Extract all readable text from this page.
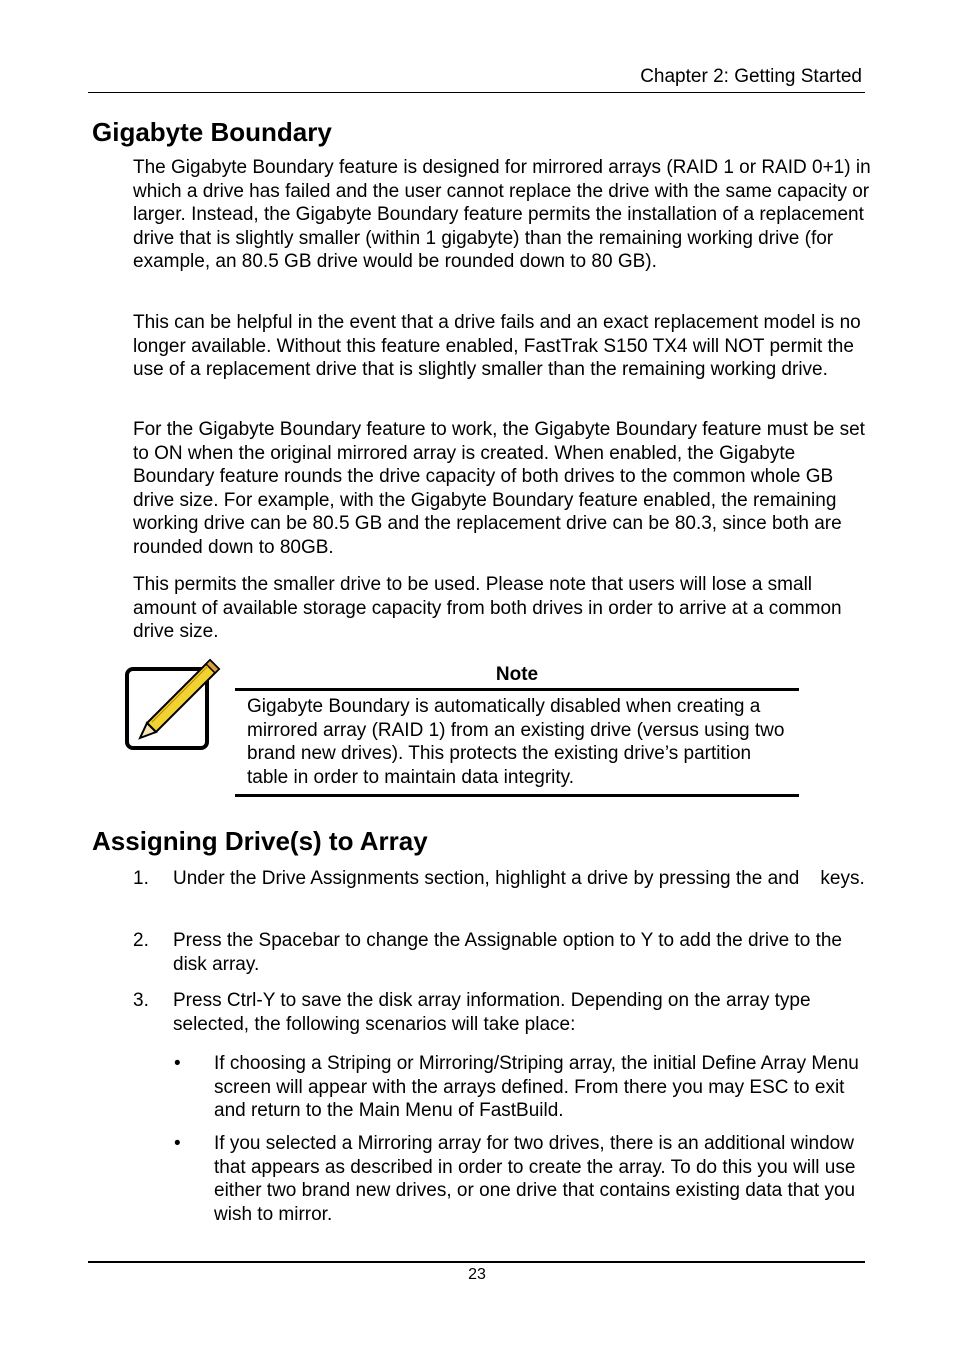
Chapter 2: Getting Started
Gigabyte Boundary

The Gigabyte Boundary feature is designed for mirrored arrays (RAID 1 or RAID 0+1) in which a drive has failed and the user cannot replace the drive with the same capacity or larger. Instead, the Gigabyte Boundary feature permits the installation of a replacement drive that is slightly smaller (within 1 gigabyte) than the remaining working drive (for example, an 80.5 GB drive would be rounded down to 80 GB).

This can be helpful in the event that a drive fails and an exact replacement model is no longer available. Without this feature enabled, FastTrak S150 TX4 will NOT permit the use of a replacement drive that is slightly smaller than the remaining working drive.

For the Gigabyte Boundary feature to work, the Gigabyte Boundary feature must be set to ON when the original mirrored array is created. When enabled, the Gigabyte Boundary feature rounds the drive capacity of both drives to the common whole GB drive size. For example, with the Gigabyte Boundary feature enabled, the remaining working drive can be 80.5 GB and the replacement drive can be 80.3, since both are rounded down to 80GB.

This permits the smaller drive to be used. Please note that users will lose a small amount of available storage capacity from both drives in order to arrive at a common drive size.

Note

Gigabyte Boundary is automatically disabled when creating a mirrored array (RAID 1) from an existing drive (versus using two brand new drives). This protects the existing drive’s partition table in order to maintain data integrity.

Assigning Drive(s) to Array
1. Under the Drive Assignments section, highlight a drive by pressing the and    keys.

2. Press the Spacebar to change the Assignable option to Y to add the drive to the disk array.

3. Press Ctrl-Y to save the disk array information. Depending on the array type selected, the following scenarios will take place:

• If choosing a Striping or Mirroring/Striping array, the initial Define Array Menu screen will appear with the arrays defined. From there you may ESC to exit and return to the Main Menu of FastBuild.

• If you selected a Mirroring array for two drives, there is an additional window that appears as described in order to create the array. To do this you will use either two brand new drives, or one drive that contains existing data that you wish to mirror.

23
